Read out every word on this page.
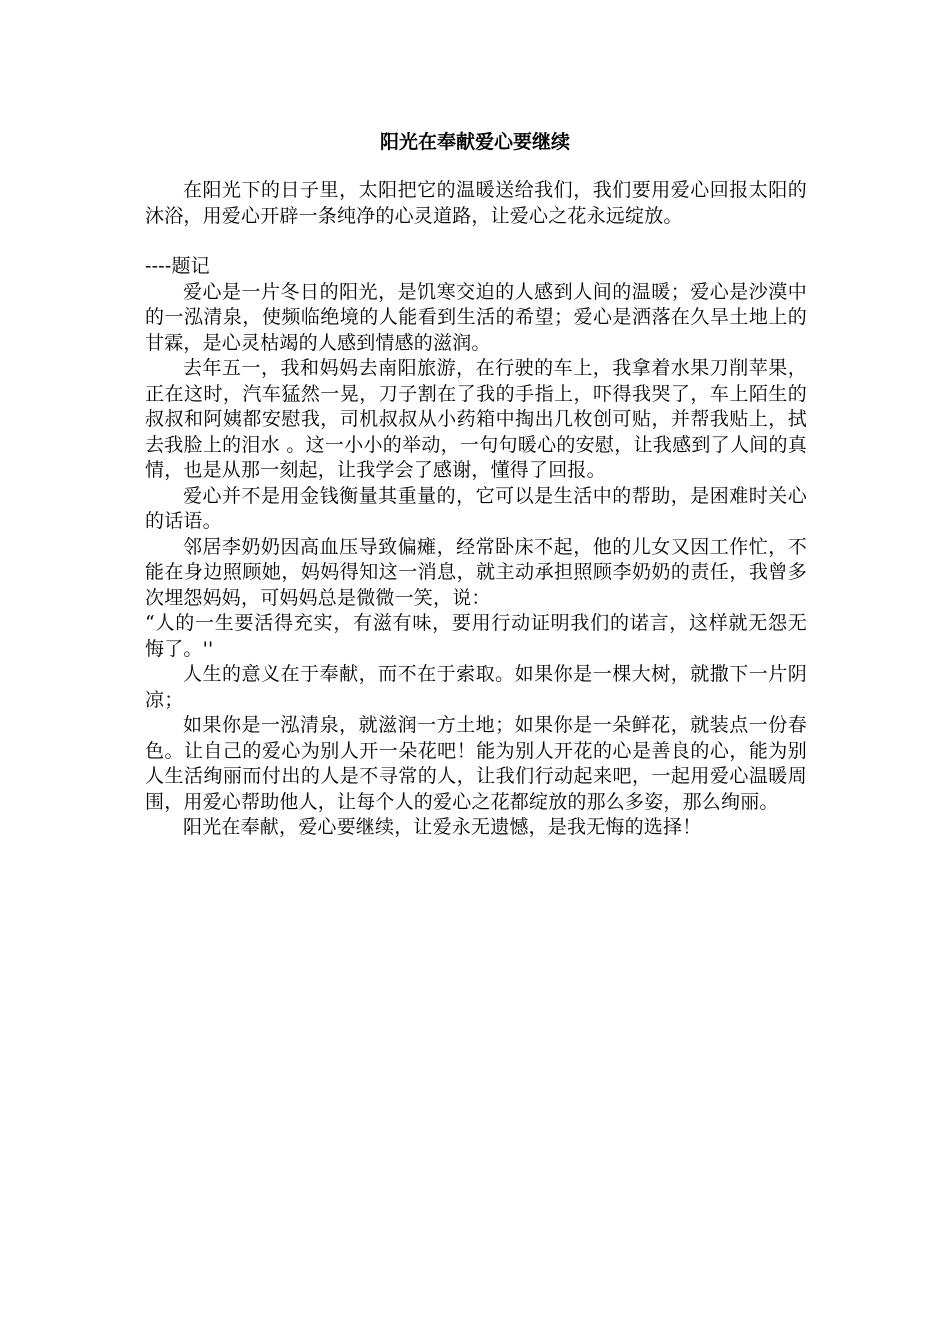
阳光在奉献爱心要继续

在阳光下的日子里，太阳把它的温暖送给我们，我们要用爱心回报太阳的沐浴，用爱心开辟一条纯净的心灵道路，让爱心之花永远绽放。

----题记

爱心是一片冬日的阳光，是饥寒交迫的人感到人间的温暖；爱心是沙漠中的一泓清泉，使频临绝境的人能看到生活的希望；爱心是洒落在久旱土地上的甘霖，是心灵枯竭的人感到情感的滋润。

去年五一，我和妈妈去南阳旅游，在行驶的车上，我拿着水果刀削苹果，正在这时，汽车猛然一晃，刀子割在了我的手指上，吓得我哭了，车上陌生的叔叔和阿姨都安慰我，司机叔叔从小药箱中掏出几枚创可贴，并帮我贴上，拭去我脸上的泪水 。这一小小的举动，一句句暖心的安慰，让我感到了人间的真情，也是从那一刻起，让我学会了感谢，懂得了回报。

爱心并不是用金钱衡量其重量的，它可以是生活中的帮助，是困难时关心的话语。

邻居李奶奶因高血压导致偏瘫，经常卧床不起，他的儿女又因工作忙，不能在身边照顾她，妈妈得知这一消息，就主动承担照顾李奶奶的责任，我曾多次埋怨妈妈，可妈妈总是微微一笑，说：

“人的一生要活得充实，有滋有味，要用行动证明我们的诺言，这样就无怨无悔了。''

人生的意义在于奉献，而不在于索取。如果你是一棵大树，就撒下一片阴凉；

如果你是一泓清泉，就滋润一方土地；如果你是一朵鲜花，就装点一份春色。让自己的爱心为别人开一朵花吧！能为别人开花的心是善良的心，能为别人生活绚丽而付出的人是不寻常的人，让我们行动起来吧，一起用爱心温暖周围，用爱心帮助他人，让每个人的爱心之花都绽放的那么多姿，那么绚丽。

阳光在奉献，爱心要继续，让爱永无遗憾，是我无悔的选择！
